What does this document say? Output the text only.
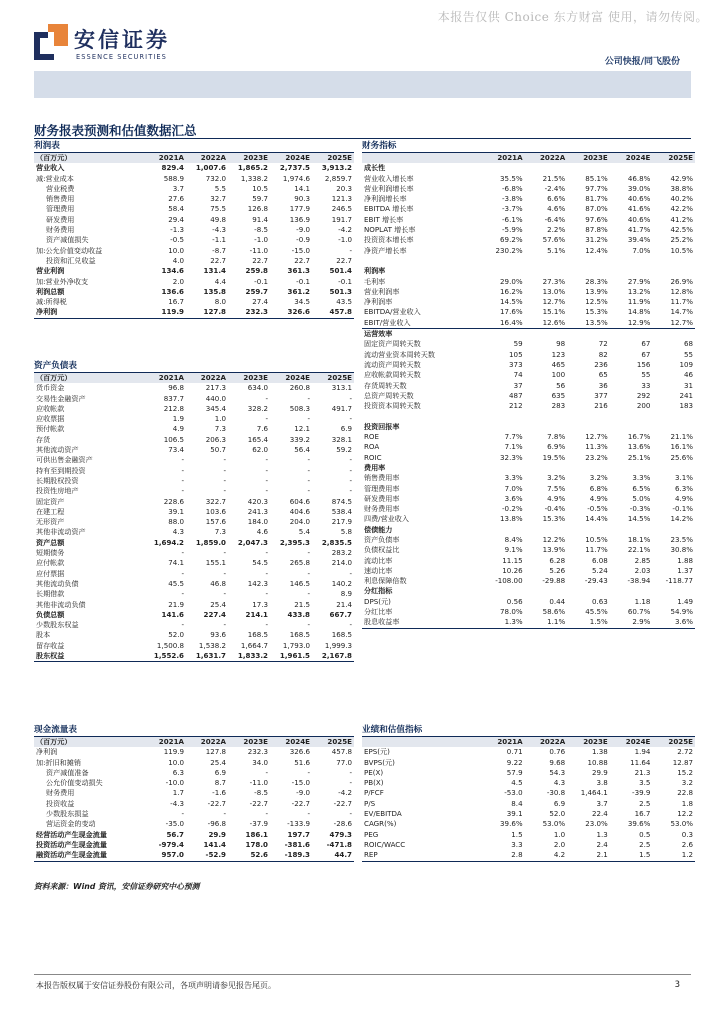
本报告仅供 Choice 东方财富 使用，请勿传阅。
安信证券
ESSENCE SECURITIES	公司快报/同飞股份
财务报表预测和估值数据汇总
利润表
（百万元）	2021A	2022A	2023E	2024E	2025E
营业收入	829.4	1,007.6	1,865.2	2,737.5	3,913.2
减:营业成本	588.9	732.0	1,338.2	1,974.6	2,859.7
营业税费	3.7	5.5	10.5	14.1	20.3
销售费用	27.6	32.7	59.7	90.3	121.3
管理费用	58.4	75.5	126.8	177.9	246.5
研发费用	29.4	49.8	91.4	136.9	191.7
财务费用	-1.3	-4.3	-8.5	-9.0	-4.2
资产减值损失	-0.5	-1.1	-1.0	-0.9	-1.0
加:公允价值变动收益	10.0	-8.7	-11.0	-15.0	-
投资和汇兑收益	4.0	22.7	22.7	22.7	22.7
营业利润	134.6	131.4	259.8	361.3	501.4
加:营业外净收支	2.0	4.4	-0.1	-0.1	-0.1
利润总额	136.6	135.8	259.7	361.2	501.3
减:所得税	16.7	8.0	27.4	34.5	43.5
净利润	119.9	127.8	232.3	326.6	457.8
资产负债表
（百万元）	2021A	2022A	2023E	2024E	2025E
货币资金	96.8	217.3	634.0	260.8	313.1
交易性金融资产	837.7	440.0	-	-	-
应收帐款	212.8	345.4	328.2	508.3	491.7
应收票据	1.9	1.0	-	-	-
预付帐款	4.9	7.3	7.6	12.1	6.9
存货	106.5	206.3	165.4	339.2	328.1
其他流动资产	73.4	50.7	62.0	56.4	59.2
可供出售金融资产	-	-	-	-	-
持有至到期投资	-	-	-	-	-
长期股权投资	-	-	-	-	-
投资性房地产	-	-	-	-	-
固定资产	228.6	322.7	420.3	604.6	874.5
在建工程	39.1	103.6	241.3	404.6	538.4
无形资产	88.0	157.6	184.0	204.0	217.9
其他非流动资产	4.3	7.3	4.6	5.4	5.8
资产总额	1,694.2	1,859.0	2,047.3	2,395.3	2,835.5
短期债务	-	-	-	-	283.2
应付帐款	74.1	155.1	54.5	265.8	214.0
应付票据	-	-	-	-	-
其他流动负债	45.5	46.8	142.3	146.5	140.2
长期借款	-	-	-	-	8.9
其他非流动负债	21.9	25.4	17.3	21.5	21.4
负债总额	141.6	227.4	214.1	433.8	667.7
少数股东权益	-	-	-	-	-
股本	52.0	93.6	168.5	168.5	168.5
留存收益	1,500.8	1,538.2	1,664.7	1,793.0	1,999.3
股东权益	1,552.6	1,631.7	1,833.2	1,961.5	2,167.8
现金流量表
（百万元）	2021A	2022A	2023E	2024E	2025E
净利润	119.9	127.8	232.3	326.6	457.8
加:折旧和摊销	10.0	25.4	34.0	51.6	77.0
资产减值准备	6.3	6.9	-	-	-
公允价值变动损失	-10.0	8.7	-11.0	-15.0	-
财务费用	1.7	-1.6	-8.5	-9.0	-4.2
投资收益	-4.3	-22.7	-22.7	-22.7	-22.7
少数股东损益	-	-	-	-	-
营运资金的变动	-35.0	-96.8	-37.9	-133.9	-28.6
经营活动产生现金流量	56.7	29.9	186.1	197.7	479.3
投资活动产生现金流量	-979.4	141.4	178.0	-381.6	-471.8
融资活动产生现金流量	957.0	-52.9	52.6	-189.3	44.7
财务指标
	2021A	2022A	2023E	2024E	2025E
成长性					
营业收入增长率	35.5%	21.5%	85.1%	46.8%	42.9%
营业利润增长率	-6.8%	-2.4%	97.7%	39.0%	38.8%
净利润增长率	-3.8%	6.6%	81.7%	40.6%	40.2%
EBITDA 增长率	-3.7%	4.6%	87.0%	41.6%	42.2%
EBIT 增长率	-6.1%	-6.4%	97.6%	40.6%	41.2%
NOPLAT 增长率	-5.9%	2.2%	87.8%	41.7%	42.5%
投资资本增长率	69.2%	57.6%	31.2%	39.4%	25.2%
净资产增长率	230.2%	5.1%	12.4%	7.0%	10.5%

利润率					
毛利率	29.0%	27.3%	28.3%	27.9%	26.9%
营业利润率	16.2%	13.0%	13.9%	13.2%	12.8%
净利润率	14.5%	12.7%	12.5%	11.9%	11.7%
EBITDA/营业收入	17.6%	15.1%	15.3%	14.8%	14.7%
EBIT/营业收入	16.4%	12.6%	13.5%	12.9%	12.7%
运营效率					
固定资产周转天数	59	98	72	67	68
流动营业资本周转天数	105	123	82	67	55
流动资产周转天数	373	465	236	156	109
应收帐款周转天数	74	100	65	55	46
存货周转天数	37	56	36	33	31
总资产周转天数	487	635	377	292	241
投资资本周转天数	212	283	216	200	183

投资回报率					
ROE	7.7%	7.8%	12.7%	16.7%	21.1%
ROA	7.1%	6.9%	11.3%	13.6%	16.1%
ROIC	32.3%	19.5%	23.2%	25.1%	25.6%
费用率					
销售费用率	3.3%	3.2%	3.2%	3.3%	3.1%
管理费用率	7.0%	7.5%	6.8%	6.5%	6.3%
研发费用率	3.6%	4.9%	4.9%	5.0%	4.9%
财务费用率	-0.2%	-0.4%	-0.5%	-0.3%	-0.1%
四费/营业收入	13.8%	15.3%	14.4%	14.5%	14.2%
偿债能力					
资产负债率	8.4%	12.2%	10.5%	18.1%	23.5%
负债权益比	9.1%	13.9%	11.7%	22.1%	30.8%
流动比率	11.15	6.28	6.08	2.85	1.88
速动比率	10.26	5.26	5.24	2.03	1.37
利息保障倍数	-108.00	-29.88	-29.43	-38.94	-118.77
分红指标					
DPS(元)	0.56	0.44	0.63	1.18	1.49
分红比率	78.0%	58.6%	45.5%	60.7%	54.9%
股息收益率	1.3%	1.1%	1.5%	2.9%	3.6%
业绩和估值指标
	2021A	2022A	2023E	2024E	2025E
EPS(元)	0.71	0.76	1.38	1.94	2.72
BVPS(元)	9.22	9.68	10.88	11.64	12.87
PE(X)	57.9	54.3	29.9	21.3	15.2
PB(X)	4.5	4.3	3.8	3.5	3.2
P/FCF	-53.0	-30.8	1,464.1	-39.9	22.8
P/S	8.4	6.9	3.7	2.5	1.8
EV/EBITDA	39.1	52.0	22.4	16.7	12.2
CAGR(%)	39.6%	53.0%	23.0%	39.6%	53.0%
PEG	1.5	1.0	1.3	0.5	0.3
ROIC/WACC	3.3	2.0	2.4	2.5	2.6
REP	2.8	4.2	2.1	1.5	1.2
资料来源：Wind 资讯，安信证券研究中心预测
本报告版权属于安信证券股份有限公司，各项声明请参见报告尾页。	3
